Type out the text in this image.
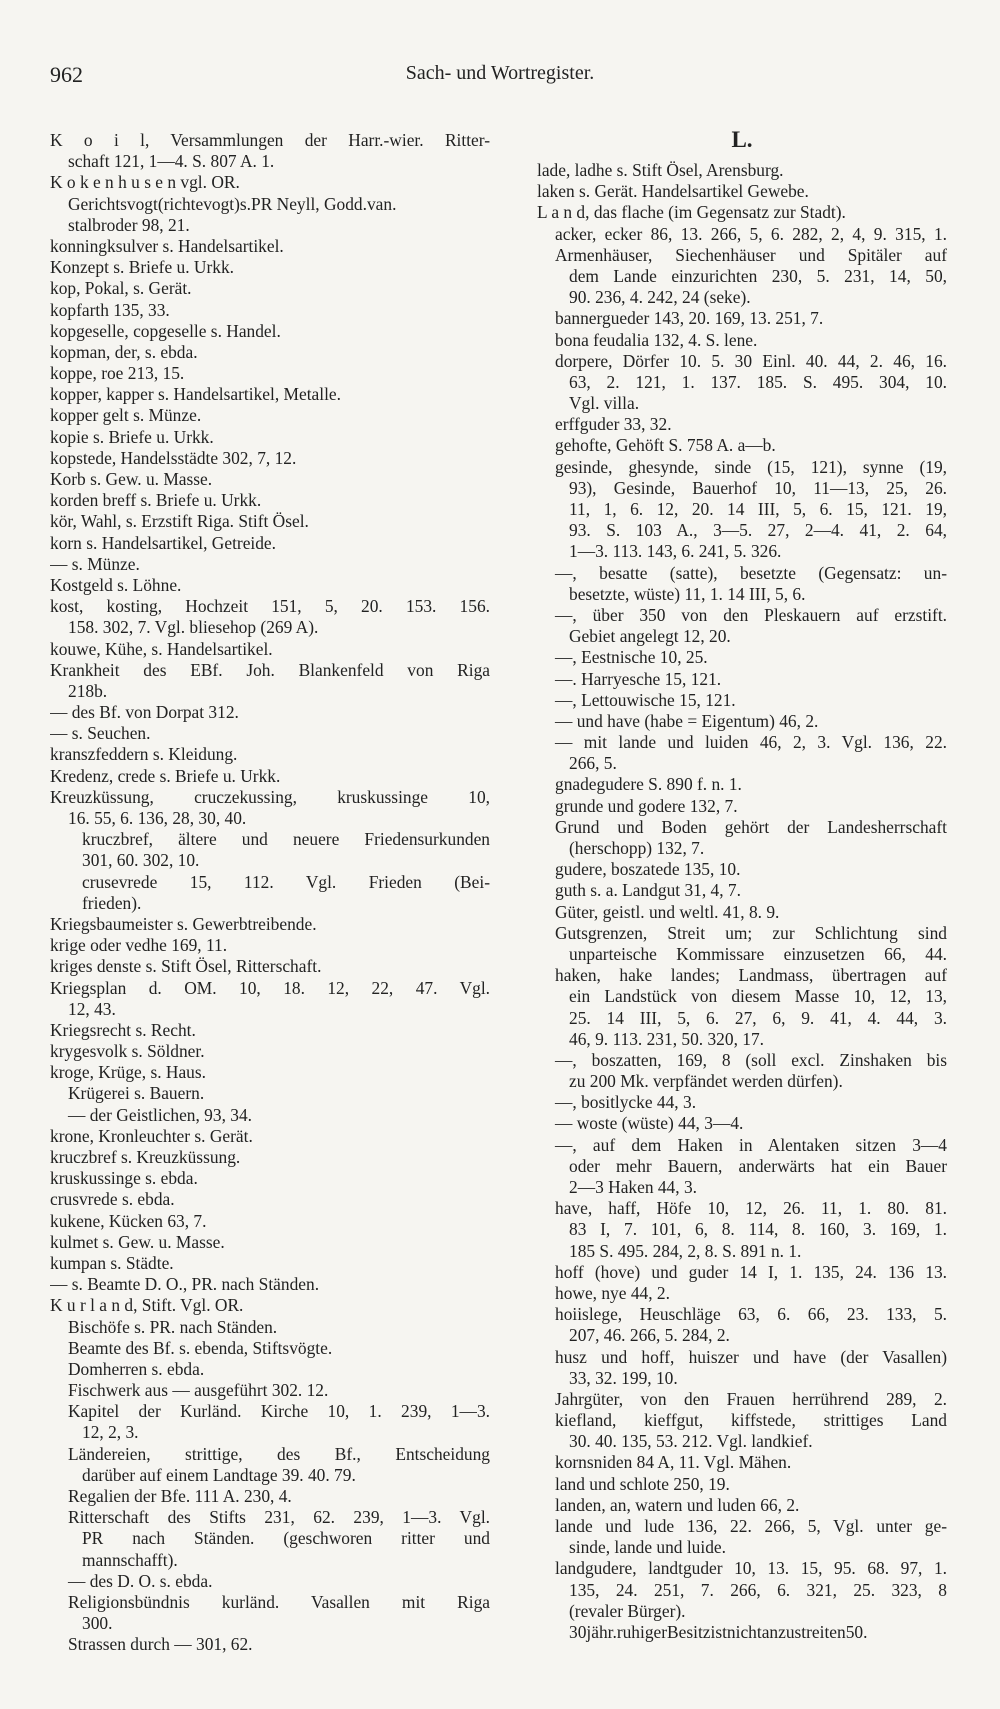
962	Sach- und Wortregister.
K o i l, Versammlungen der Harr.-wier. Ritter-
schaft 121, 1—4. S. 807 A. 1.
K o k e n h u s e n vgl. OR.
Gerichtsvogt(richtevogt)s.PR Neyll, Godd.van.
stalbroder 98, 21.
konningksulver s. Handelsartikel.
Konzept s. Briefe u. Urkk.
kop, Pokal, s. Gerät.
kopfarth 135, 33.
kopgeselle, copgeselle s. Handel.
kopman, der, s. ebda.
koppe, roe 213, 15.
kopper, kapper s. Handelsartikel, Metalle.
kopper gelt s. Münze.
kopie s. Briefe u. Urkk.
kopstede, Handelsstädte 302, 7, 12.
Korb s. Gew. u. Masse.
korden breff s. Briefe u. Urkk.
kör, Wahl, s. Erzstift Riga. Stift Ösel.
korn s. Handelsartikel, Getreide.
— s. Münze.
Kostgeld s. Löhne.
kost, kosting, Hochzeit 151, 5, 20. 153. 156.
158. 302, 7. Vgl. bliesehop (269 A).
kouwe, Kühe, s. Handelsartikel.
Krankheit des EBf. Joh. Blankenfeld von Riga
218b.
— des Bf. von Dorpat 312.
— s. Seuchen.
kranszfeddern s. Kleidung.
Kredenz, crede s. Briefe u. Urkk.
Kreuzküssung, cruczekussing, kruskussinge 10,
16. 55, 6. 136, 28, 30, 40.
kruczbref, ältere und neuere Friedensurkunden
301, 60. 302, 10.
crusevrede 15, 112. Vgl. Frieden (Bei-
frieden).
Kriegsbaumeister s. Gewerbtreibende.
krige oder vedhe 169, 11.
kriges denste s. Stift Ösel, Ritterschaft.
Kriegsplan d. OM. 10, 18. 12, 22, 47. Vgl.
12, 43.
Kriegsrecht s. Recht.
krygesvolk s. Söldner.
kroge, Krüge, s. Haus.
Krügerei s. Bauern.
— der Geistlichen, 93, 34.
krone, Kronleuchter s. Gerät.
kruczbref s. Kreuzküssung.
kruskussinge s. ebda.
crusvrede s. ebda.
kukene, Kücken 63, 7.
kulmet s. Gew. u. Masse.
kumpan s. Städte.
— s. Beamte D. O., PR. nach Ständen.
K u r l a n d, Stift. Vgl. OR.
Bischöfe s. PR. nach Ständen.
Beamte des Bf. s. ebenda, Stiftsvögte.
Domherren s. ebda.
Fischwerk aus — ausgeführt 302. 12.
Kapitel der Kurländ. Kirche 10, 1. 239, 1—3.
12, 2, 3.
Ländereien, strittige, des Bf., Entscheidung
darüber auf einem Landtage 39. 40. 79.
Regalien der Bfe. 111 A. 230, 4.
Ritterschaft des Stifts 231, 62. 239, 1—3. Vgl.
PR nach Ständen. (geschworen ritter und
mannschafft).
— des D. O. s. ebda.
Religionsbündnis kurländ. Vasallen mit Riga
300.
Strassen durch — 301, 62.
L.
lade, ladhe s. Stift Ösel, Arensburg.
laken s. Gerät. Handelsartikel Gewebe.
L a n d, das flache (im Gegensatz zur Stadt).
acker, ecker 86, 13. 266, 5, 6. 282, 2, 4, 9. 315, 1.
Armenhäuser, Siechenhäuser und Spitäler auf
dem Lande einzurichten 230, 5. 231, 14, 50,
90. 236, 4. 242, 24 (seke).
bannergueder 143, 20. 169, 13. 251, 7.
bona feudalia 132, 4. S. lene.
dorpere, Dörfer 10. 5. 30 Einl. 40. 44, 2. 46, 16.
63, 2. 121, 1. 137. 185. S. 495. 304, 10.
Vgl. villa.
erffguder 33, 32.
gehofte, Gehöft S. 758 A. a—b.
gesinde, ghesynde, sinde (15, 121), synne (19,
93), Gesinde, Bauerhof 10, 11—13, 25, 26.
11, 1, 6. 12, 20. 14 III, 5, 6. 15, 121. 19,
93. S. 103 A., 3—5. 27, 2—4. 41, 2. 64,
1—3. 113. 143, 6. 241, 5. 326.
—, besatte (satte), besetzte (Gegensatz: un-
besetzte, wüste) 11, 1. 14 III, 5, 6.
—, über 350 von den Pleskauern auf erzstift.
Gebiet angelegt 12, 20.
—, Eestnische 10, 25.
—. Harryesche 15, 121.
—, Lettouwische 15, 121.
— und have (habe = Eigentum) 46, 2.
— mit lande und luiden 46, 2, 3. Vgl. 136, 22.
266, 5.
gnadegudere S. 890 f. n. 1.
grunde und godere 132, 7.
Grund und Boden gehört der Landesherrschaft
(herschopp) 132, 7.
gudere, boszatede 135, 10.
guth s. a. Landgut 31, 4, 7.
Güter, geistl. und weltl. 41, 8. 9.
Gutsgrenzen, Streit um; zur Schlichtung sind
unparteische Kommissare einzusetzen 66, 44.
haken, hake landes; Landmass, übertragen auf
ein Landstück von diesem Masse 10, 12, 13,
25. 14 III, 5, 6. 27, 6, 9. 41, 4. 44, 3.
46, 9. 113. 231, 50. 320, 17.
—, boszatten, 169, 8 (soll excl. Zinshaken bis
zu 200 Mk. verpfändet werden dürfen).
—, bositlycke 44, 3.
— woste (wüste) 44, 3—4.
—, auf dem Haken in Alentaken sitzen 3—4
oder mehr Bauern, anderwärts hat ein Bauer
2—3 Haken 44, 3.
have, haff, Höfe 10, 12, 26. 11, 1. 80. 81.
83 I, 7. 101, 6, 8. 114, 8. 160, 3. 169, 1.
185 S. 495. 284, 2, 8. S. 891 n. 1.
hoff (hove) und guder 14 I, 1. 135, 24. 136 13.
howe, nye 44, 2.
hoiislege, Heuschläge 63, 6. 66, 23. 133, 5.
207, 46. 266, 5. 284, 2.
husz und hoff, huiszer und have (der Vasallen)
33, 32. 199, 10.
Jahrgüter, von den Frauen herrührend 289, 2.
kiefland, kieffgut, kiffstede, strittiges Land
30. 40. 135, 53. 212. Vgl. landkief.
kornsniden 84 A, 11. Vgl. Mähen.
land und schlote 250, 19.
landen, an, watern und luden 66, 2.
lande und lude 136, 22. 266, 5, Vgl. unter ge-
sinde, lande und luide.
landgudere, landtguder 10, 13. 15, 95. 68. 97, 1.
135, 24. 251, 7. 266, 6. 321, 25. 323, 8
(revaler Bürger).
30jähr.ruhigerBesitzistnichtanzustreiten50.
